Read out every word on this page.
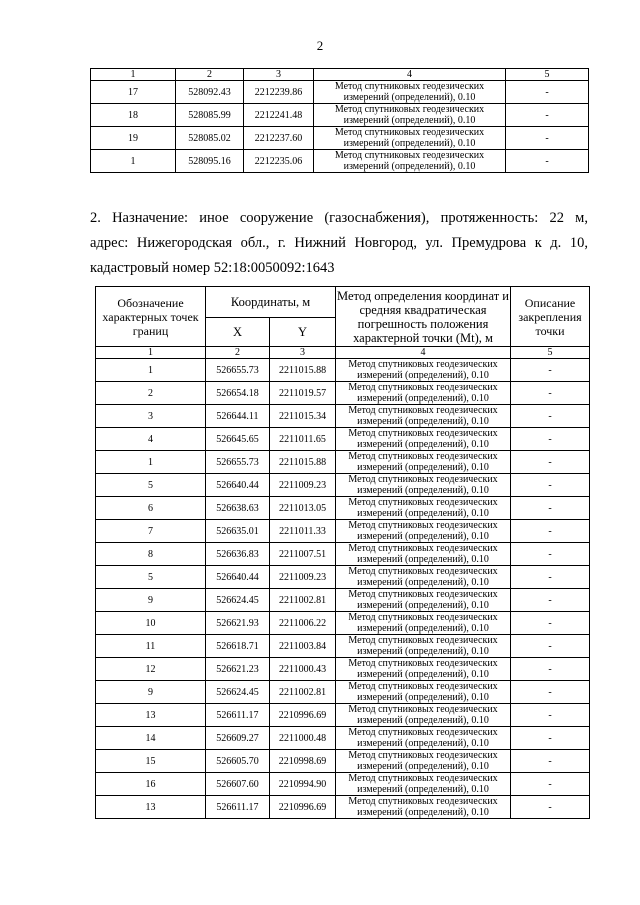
2
1	2	3	4	5
17	528092.43	2212239.86	Метод спутниковых геодезических
измерений (определений), 0.10	-
18	528085.99	2212241.48	Метод спутниковых геодезических
измерений (определений), 0.10	-
19	528085.02	2212237.60	Метод спутниковых геодезических
измерений (определений), 0.10	-
1	528095.16	2212235.06	Метод спутниковых геодезических
измерений (определений), 0.10	-
2. Назначение: иное сооружение (газоснабжения), протяженность: 22 м,
адрес: Нижегородская обл., г. Нижний Новгород, ул. Премудрова к д. 10,
кадастровый номер 52:18:0050092:1643
Обозначение характерных точек границ	Координаты, м		Метод определения координат и средняя квадратическая погрешность положения характерной точки (Mt), м	Описание закрепления точки
	X	Y		
1	2	3	4	5
1	526655.73	2211015.88	Метод спутниковых геодезических
измерений (определений), 0.10	-
2	526654.18	2211019.57	Метод спутниковых геодезических
измерений (определений), 0.10	-
3	526644.11	2211015.34	Метод спутниковых геодезических
измерений (определений), 0.10	-
4	526645.65	2211011.65	Метод спутниковых геодезических
измерений (определений), 0.10	-
1	526655.73	2211015.88	Метод спутниковых геодезических
измерений (определений), 0.10	-
5	526640.44	2211009.23	Метод спутниковых геодезических
измерений (определений), 0.10	-
6	526638.63	2211013.05	Метод спутниковых геодезических
измерений (определений), 0.10	-
7	526635.01	2211011.33	Метод спутниковых геодезических
измерений (определений), 0.10	-
8	526636.83	2211007.51	Метод спутниковых геодезических
измерений (определений), 0.10	-
5	526640.44	2211009.23	Метод спутниковых геодезических
измерений (определений), 0.10	-
9	526624.45	2211002.81	Метод спутниковых геодезических
измерений (определений), 0.10	-
10	526621.93	2211006.22	Метод спутниковых геодезических
измерений (определений), 0.10	-
11	526618.71	2211003.84	Метод спутниковых геодезических
измерений (определений), 0.10	-
12	526621.23	2211000.43	Метод спутниковых геодезических
измерений (определений), 0.10	-
9	526624.45	2211002.81	Метод спутниковых геодезических
измерений (определений), 0.10	-
13	526611.17	2210996.69	Метод спутниковых геодезических
измерений (определений), 0.10	-
14	526609.27	2211000.48	Метод спутниковых геодезических
измерений (определений), 0.10	-
15	526605.70	2210998.69	Метод спутниковых геодезических
измерений (определений), 0.10	-
16	526607.60	2210994.90	Метод спутниковых геодезических
измерений (определений), 0.10	-
13	526611.17	2210996.69	Метод спутниковых геодезических
измерений (определений), 0.10	-
